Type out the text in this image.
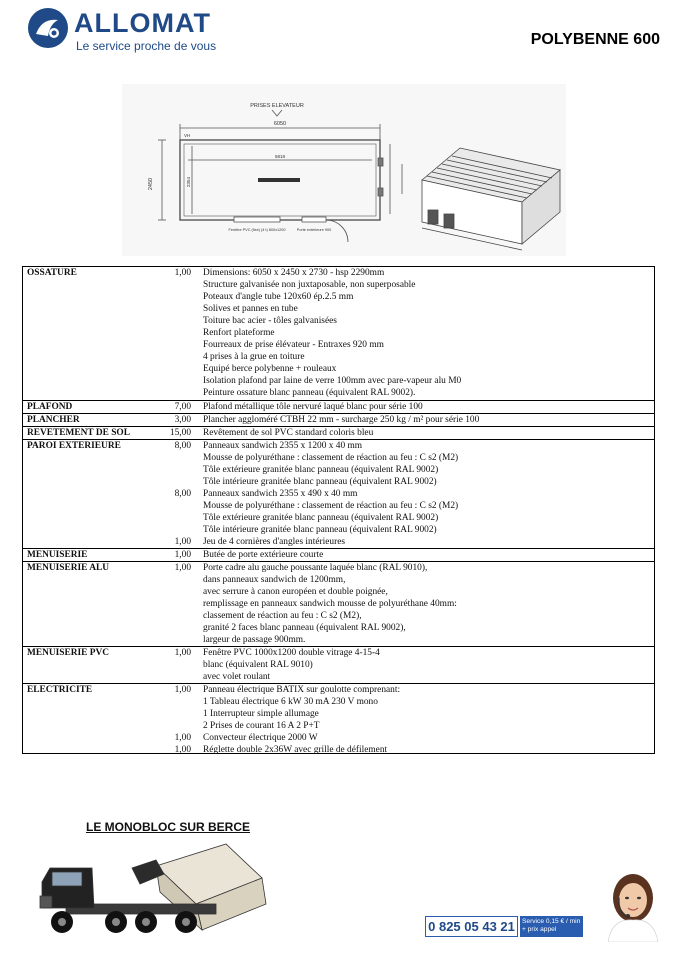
ALLOMAT
Le service proche de vous	POLYBENNE 600
PRISES ELEVATEUR
6050
5818
2450	2354
VH
Fenêtre PVC (fixe) (4 t) 800x1200	Porte extérieure 900
OSSATURE	1,00 Dimensions: 6050 x 2450 x 2730 - hsp 2290mm
Structure galvanisée non juxtaposable, non superposable
Poteaux d'angle tube 120x60 ép.2.5 mm
Solives et pannes en tube
Toiture bac acier - tôles galvanisées
Renfort plateforme
Fourreaux de prise élévateur - Entraxes 920 mm
4 prises à la grue en toiture
Equipé berce polybenne + rouleaux
Isolation plafond par laine de verre 100mm avec pare-vapeur alu M0
Peinture ossature blanc panneau (équivalent RAL 9002).
PLAFOND	7,00 Plafond métallique tôle nervuré laqué blanc pour série 100
PLANCHER	3,00 Plancher aggloméré CTBH 22 mm - surcharge 250 kg / m² pour série 100
REVETEMENT DE SOL	15,00 Revêtement de sol PVC standard coloris bleu
PAROI EXTERIEURE	8,00 Panneaux sandwich 2355 x 1200 x 40 mm
Mousse de polyuréthane : classement de réaction au feu : C s2 (M2)
Tôle extérieure granitée blanc panneau (équivalent RAL 9002)
Tôle intérieure granitée blanc panneau (équivalent RAL 9002)
8,00 Panneaux sandwich 2355 x 490 x 40 mm
Mousse de polyuréthane : classement de réaction au feu : C s2 (M2)
Tôle extérieure granitée blanc panneau (équivalent RAL 9002)
Tôle intérieure granitée blanc panneau (équivalent RAL 9002)
1,00 Jeu de 4 cornières d'angles intérieures
MENUISERIE	1,00 Butée de porte extérieure courte
MENUISERIE ALU	1,00 Porte cadre alu gauche poussante laquée blanc (RAL 9010),
dans panneaux sandwich de 1200mm,
avec serrure à canon européen et double poignée,
remplissage en panneaux sandwich mousse de polyuréthane 40mm:
classement de réaction au feu : C s2 (M2),
granité 2 faces blanc panneau (équivalent RAL 9002),
largeur de passage 900mm.
MENUISERIE PVC	1,00 Fenêtre PVC 1000x1200 double vitrage 4-15-4
blanc (équivalent RAL 9010)
avec volet roulant
ELECTRICITE	1,00 Panneau électrique BATIX sur goulotte comprenant:
1 Tableau électrique 6 kW 30 mA 230 V mono
1 Interrupteur simple allumage
2 Prises de courant 16 A 2 P+T
1,00 Convecteur électrique 2000 W
1,00 Réglette double 2x36W avec grille de défilement
LE MONOBLOC SUR BERCE
0 825 05 43 21	Service 0,15 € / min
+ prix appel
